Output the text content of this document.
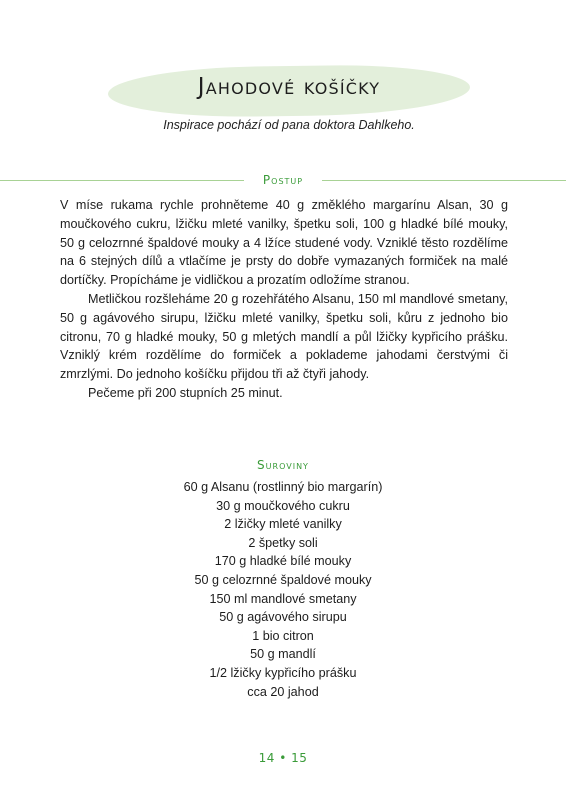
Jahodové košíčky
Inspirace pochází od pana doktora Dahlkeho.
Postup

V míse rukama rychle prohněteme 40 g změklého margarínu Alsan, 30 g moučkového cukru, lžičku mleté vanilky, špetku soli, 100 g hladké bílé mouky, 50 g celozrnné špaldové mouky a 4 lžíce studené vody. Vzniklé těsto rozdělíme na 6 stejných dílů a vtlačíme je prsty do dobře vymazaných formiček na malé dortíčky. Propícháme je vidličkou a prozatím odložíme stranou.

Metličkou rozšleháme 20 g rozehřátého Alsanu, 150 ml mandlové smetany, 50 g agávového sirupu, lžičku mleté vanilky, špetku soli, kůru z jednoho bio citronu, 70 g hladké mouky, 50 g mletých mandlí a půl lžičky kypřicího prášku. Vzniklý krém rozdělíme do formiček a poklademe jahodami čerstvými či zmrzlými. Do jednoho košíčku přijdou tři až čtyři jahody.

Pečeme při 200 stupních 25 minut.

Suroviny
60 g Alsanu (rostlinný bio margarín)
30 g moučkového cukru
2 lžičky mleté vanilky
2 špetky soli
170 g hladké bílé mouky
50 g celozrnné špaldové mouky
150 ml mandlové smetany
50 g agávového sirupu
1 bio citron
50 g mandlí
1/2 lžičky kypřicího prášku
cca 20 jahod
14 • 15
